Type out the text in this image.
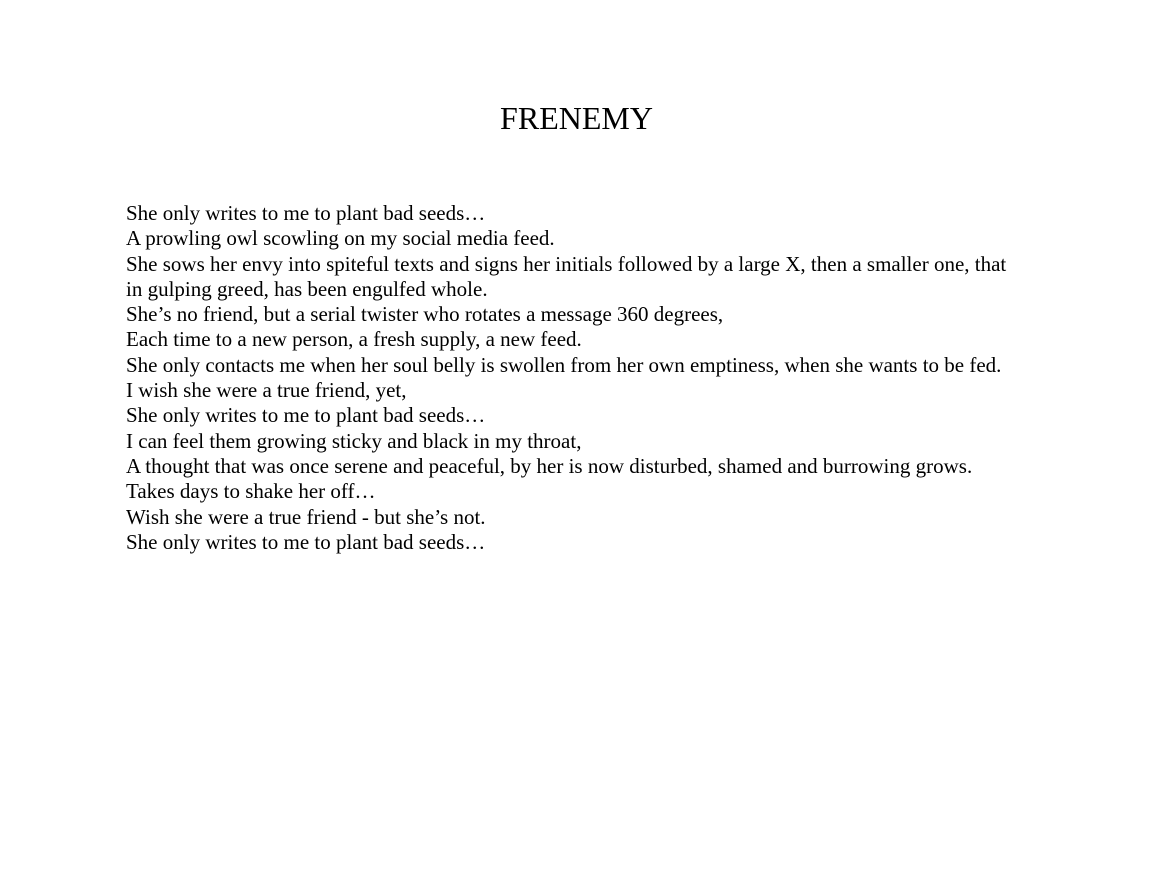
FRENEMY

She only writes to me to plant bad seeds…

A prowling owl scowling on my social media feed.

She sows her envy into spiteful texts and signs her initials followed by a large X, then a smaller one, that in gulping greed, has been engulfed whole.

She’s no friend, but a serial twister who rotates a message 360 degrees,

Each time to a new person, a fresh supply, a new feed.

She only contacts me when her soul belly is swollen from her own emptiness, when she wants to be fed.

I wish she were a true friend, yet,

She only writes to me to plant bad seeds…

I can feel them growing sticky and black in my throat,

A thought that was once serene and peaceful, by her is now disturbed, shamed and burrowing grows.

Takes days to shake her off…

Wish she were a true friend - but she’s not.

She only writes to me to plant bad seeds…
